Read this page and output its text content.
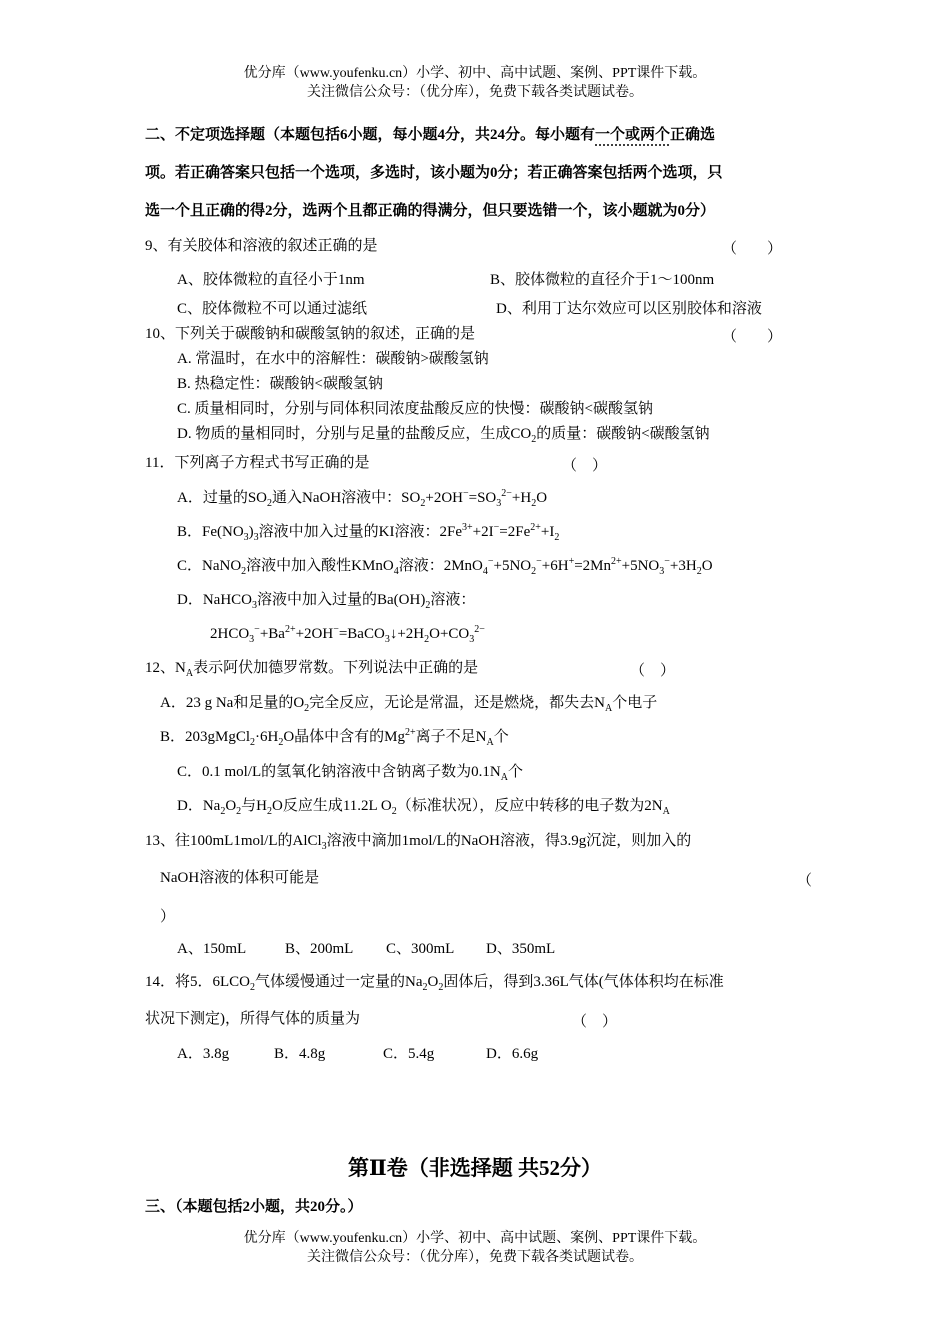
优分库（www.youfenku.cn）小学、初中、高中试题、案例、PPT课件下载。
关注微信公众号：（优分库），免费下载各类试题试卷。
二、不定项选择题（本题包括6小题，每小题4分，共24分。每小题有一个或两个正确选
项。若正确答案只包括一个选项，多选时，该小题为0分；若正确答案包括两个选项，只
选一个且正确的得2分，选两个且都正确的得满分，但只要选错一个，该小题就为0分）
9、有关胶体和溶液的叙述正确的是	（　　）
A、胶体微粒的直径小于1nm	B、胶体微粒的直径介于1～100nm
C、胶体微粒不可以通过滤纸	D、利用丁达尔效应可以区别胶体和溶液
10、下列关于碳酸钠和碳酸氢钠的叙述，正确的是	（　　）
A. 常温时，在水中的溶解性：碳酸钠>碳酸氢钠
B. 热稳定性：碳酸钠<碳酸氢钠
C. 质量相同时，分别与同体积同浓度盐酸反应的快慢：碳酸钠<碳酸氢钠
D. 物质的量相同时，分别与足量的盐酸反应，生成$CO_2$的质量：碳酸钠<碳酸氢钠
11．下列离子方程式书写正确的是	（　）
A．过量的$SO_2$通入NaOH溶液中：$SO_2+2OH^-=SO_3^{2-}+H_2O$
B．$Fe(NO_3)_3$溶液中加入过量的KI溶液：$2Fe^{3+}+2I^-=2Fe^{2+}+I_2$
C．NaNO$_2$溶液中加入酸性KMnO$_4$溶液：$2MnO_4^-+5NO_2^-+6H^+=2Mn^{2+}+5NO_3^-+3H_2O$
D．NaHCO$_3$溶液中加入过量的$Ba(OH)_2$溶液：
$2HCO_3^-+Ba^{2+}+2OH^-=BaCO_3↓+2H_2O+CO_3^{2-}$
12、$N_A$表示阿伏加德罗常数。下列说法中正确的是	（　）
A．23 g Na和足量的$O_2$完全反应，无论是常温，还是燃烧，都失去$N_A$个电子
B．$203gMgCl_2\cdot 6H_2O$晶体中含有的$Mg^{2+}$离子不足$N_A$个
C．0.1 mol/L的氢氧化钠溶液中含钠离子数为$0.1N_A$个
D．$Na_2O_2$与$H_2O$反应生成11.2L $O_2$（标准状况），反应中转移的电子数为$2N_A$
13、往100mL1mol/L的AlCl$_3$溶液中滴加1mol/L的NaOH溶液，得3.9g沉淀，则加入的
NaOH溶液的体积可能是	（
）
A、150mL	B、200mL C、300mL D、350mL
14．将5．$6LCO_2$气体缓慢通过一定量的$Na_2O_2$固体后，得到3.36L气体(气体体积均在标准
状况下测定)，所得气体的质量为	（　）
A．3.8g	B．4.8g	C．5.4g	D．6.6g
第Ⅱ卷（非选择题 共52分）
三、（本题包括2小题，共20分。）
优分库（www.youfenku.cn）小学、初中、高中试题、案例、PPT课件下载。
关注微信公众号：（优分库），免费下载各类试题试卷。
